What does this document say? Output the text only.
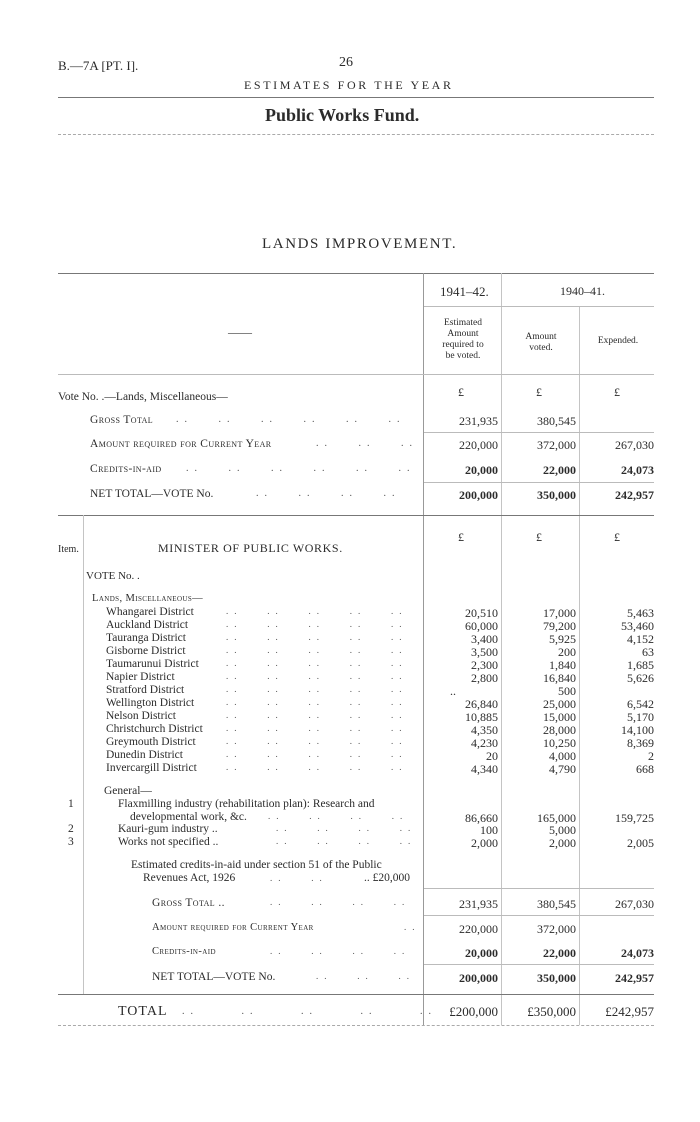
B.—7A [PT. I].	26
ESTIMATES FOR THE YEAR
Public Works Fund.
LANDS IMPROVEMENT.
1941–42.	1940–41.
——
Estimated
Amount
required to
be voted.
Amount
voted.
Expended.
Vote No. .—Lands, Miscellaneous—	£	£	£
Gross Total ..   ..   ..   ..   ..   ..	231,935	380,545
Amount required for Current Year	..   ..   ..	220,000	372,000	267,030
Credits-in-aid ..   ..   ..   ..   ..   ..	20,000	22,000	24,073
NET TOTAL—VOTE No.	..   ..   ..   ..	200,000	350,000	242,957
Item.	MINISTER OF PUBLIC WORKS.
£	£	£
VOTE No. .
Lands, Miscellaneous—
Whangarei District	..   ..   ..   ..   ..	20,510	17,000	5,463
Auckland District	..   ..   ..   ..   ..	60,000	79,200	53,460
Tauranga District	..   ..   ..   ..   ..	3,400	5,925	4,152
Gisborne District	..   ..   ..   ..   ..	3,500	200	63
Taumarunui District	..   ..   ..   ..   ..	2,300	1,840	1,685
Napier District	..   ..   ..   ..   ..	2,800	16,840	5,626
Stratford District	..   ..   ..   ..   ..	..	500
Wellington District	..   ..   ..   ..   ..	26,840	25,000	6,542
Nelson District	..   ..   ..   ..   ..	10,885	15,000	5,170
Christchurch District	..   ..   ..   ..   ..	4,350	28,000	14,100
Greymouth District	..   ..   ..   ..   ..	4,230	10,250	8,369
Dunedin District	..   ..   ..   ..   ..	20	4,000	2
Invercargill District	..   ..   ..   ..   ..	4,340	4,790	668
General—
1	Flaxmilling industry (rehabilitation plan): Research and
developmental work, &c. ..   ..   ..   ..	86,660	165,000	159,725
2	Kauri-gum industry ..	..   ..   ..   ..	100	5,000
3	Works not specified ..	..   ..   ..   ..	2,000	2,000	2,005
Estimated credits-in-aid under section 51 of the Public
Revenues Act, 1926	..   ..	.. £20,000
Gross Total ..	..   ..   ..   ..	231,935	380,545	267,030
Amount required for Current Year	..	220,000	372,000
Credits-in-aid	..   ..   ..   ..	20,000	22,000	24,073
NET TOTAL—VOTE No.	..   ..   ..	200,000	350,000	242,957
TOTAL ..     ..     ..     ..     .. £200,000	£350,000	£242,957
